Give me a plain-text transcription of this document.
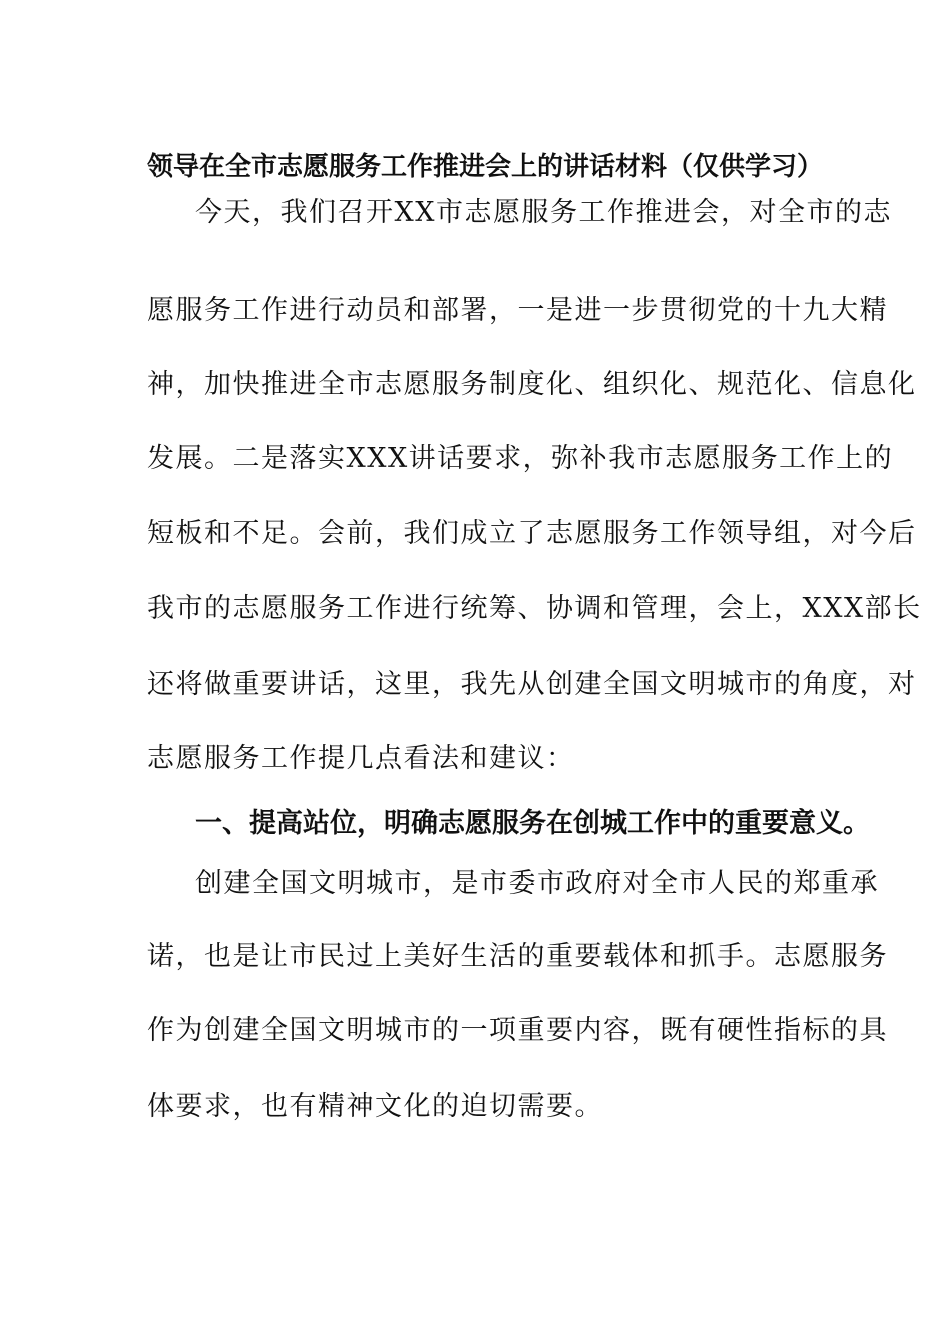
领导在全市志愿服务工作推进会上的讲话材料（仅供学习）
今天，我们召开XX市志愿服务工作推进会，对全市的志
愿服务工作进行动员和部署，一是进一步贯彻党的十九大精
神，加快推进全市志愿服务制度化、组织化、规范化、信息化
发展。二是落实XXX讲话要求，弥补我市志愿服务工作上的
短板和不足。会前，我们成立了志愿服务工作领导组，对今后
我市的志愿服务工作进行统筹、协调和管理，会上，XXX部长
还将做重要讲话，这里，我先从创建全国文明城市的角度，对
志愿服务工作提几点看法和建议：
一、提高站位，明确志愿服务在创城工作中的重要意义。
创建全国文明城市，是市委市政府对全市人民的郑重承
诺，也是让市民过上美好生活的重要载体和抓手。志愿服务
作为创建全国文明城市的一项重要内容，既有硬性指标的具
体要求，也有精神文化的迫切需要。
